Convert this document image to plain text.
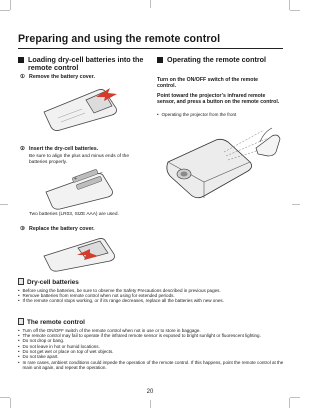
Preparing and using the remote control
Loading dry-cell batteries into the remote control
① Remove the battery cover.
② Insert the dry-cell batteries.
Be sure to align the plus and minus ends of the batteries properly.
+
−
Two batteries (LR03, SIZE AAA) are used.
③ Replace the battery cover.
Operating the remote control
Turn on the ON/OFF switch of the remote control.
Point toward the projector’s infrared remote sensor, and press a button on the remote control.
• Operating the projector from the front
Dry-cell batteries
• Before using the batteries, be sure to observe the Safety Precautions described in previous pages.
• Remove batteries from remote control when not using for extended periods.
• If the remote control stops working, or if its range decreases, replace all the batteries with new ones.
The remote control
• Turn off the ON/OFF switch of the remote control when not in use or to store in baggage.
• The remote control may fail to operate if the infrared remote sensor is exposed to bright sunlight or fluorescent lighting.
• Do not drop or bang.
• Do not leave in hot or humid locations.
• Do not get wet or place on top of wet objects.
• Do not take apart.
• In rare cases, ambient conditions could impede the operation of the remote control. If this happens, point the remote control at the main unit again, and repeat the operation.
20
